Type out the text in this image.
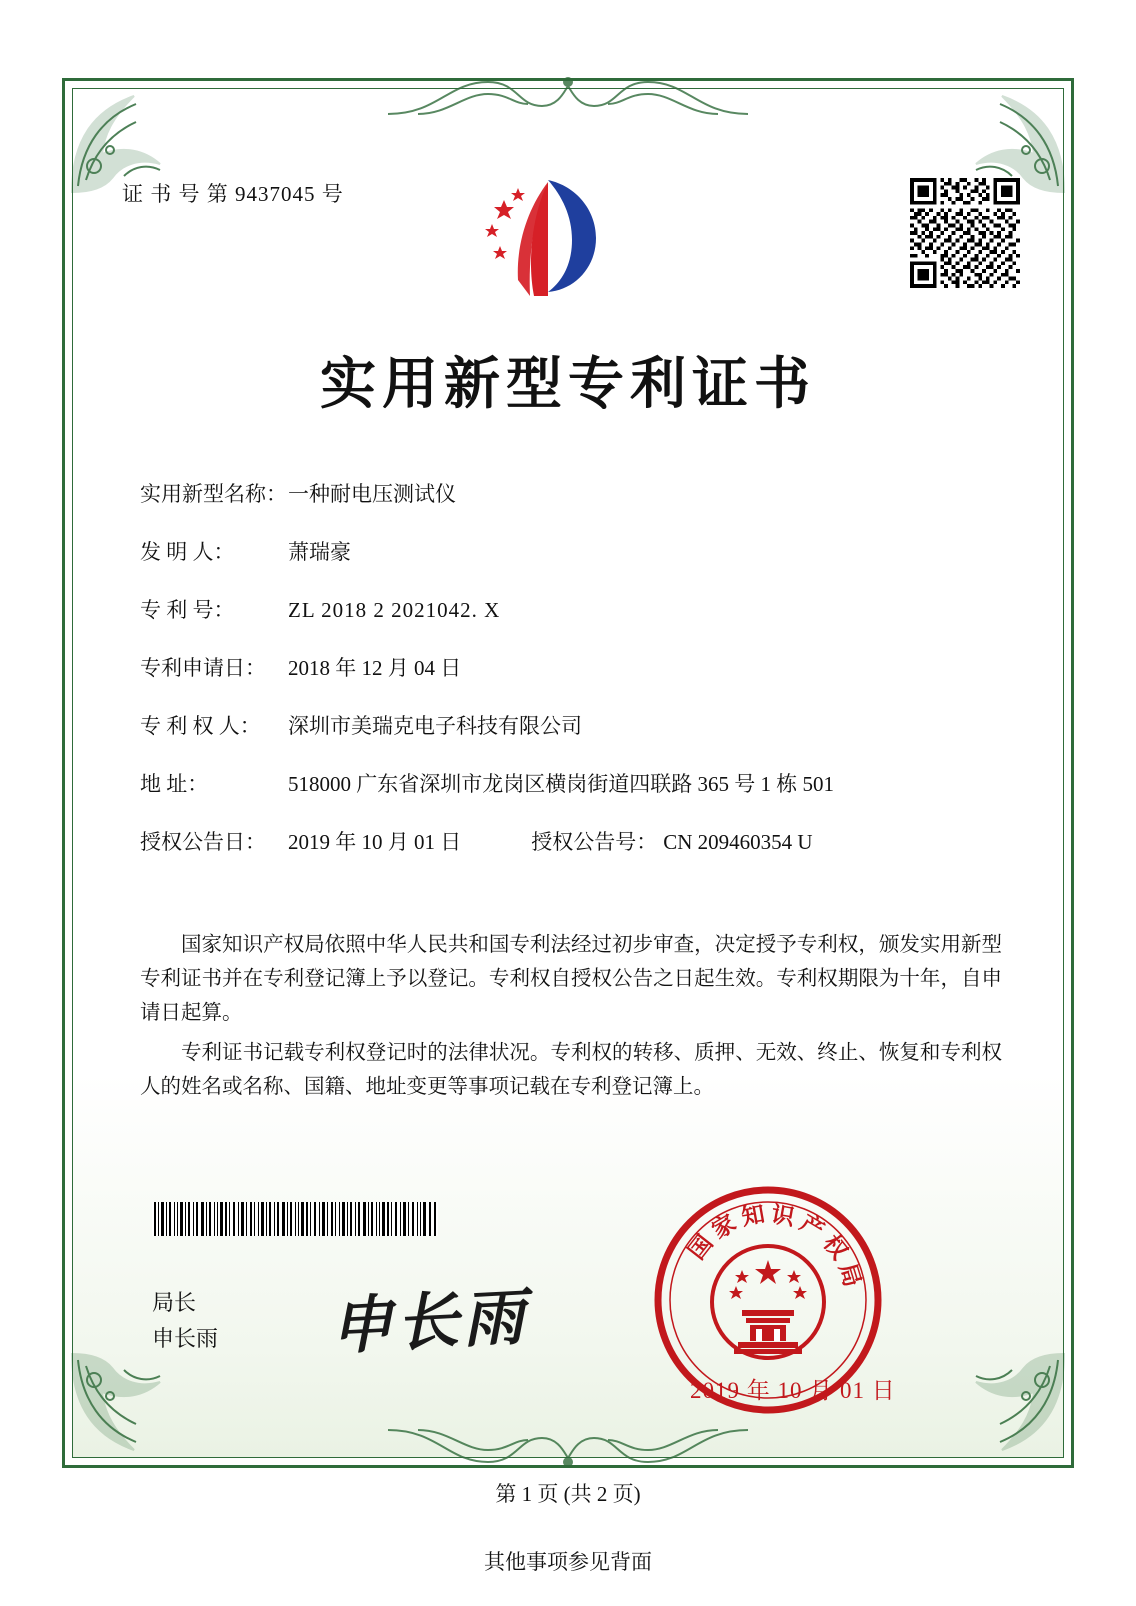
证 书 号 第 9437045 号
实用新型专利证书
实用新型名称： 一种耐电压测试仪
发 明 人：	萧瑞豪
专 利 号：	ZL 2018 2 2021042. X
专利申请日：	2018 年 12 月 04 日
专 利 权 人：	深圳市美瑞克电子科技有限公司
地 址：	518000 广东省深圳市龙岗区横岗街道四联路 365 号 1 栋 501
授权公告日：	2019 年 10 月 01 日	授权公告号： CN 209460354 U

国家知识产权局依照中华人民共和国专利法经过初步审查，决定授予专利权，颁发实用新型专利证书并在专利登记簿上予以登记。专利权自授权公告之日起生效。专利权期限为十年，自申请日起算。

专利证书记载专利权登记时的法律状况。专利权的转移、质押、无效、终止、恢复和专利权人的姓名或名称、国籍、地址变更等事项记载在专利登记簿上。

局长
申长雨 申长雨
国
家
知 识
产
权
局
2019 年 10 月 01 日
第 1 页 (共 2 页)
其他事项参见背面
